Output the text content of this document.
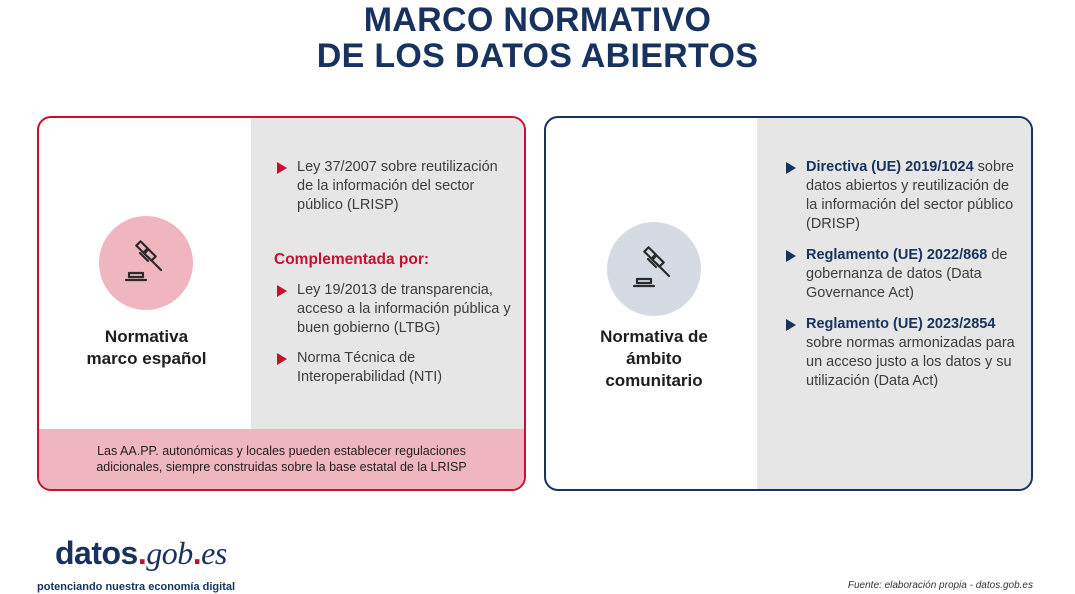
MARCO NORMATIVO
DE LOS DATOS ABIERTOS
Normativa
marco español
Ley 37/2007 sobre reutilización de la información del sector público (LRISP)
Complementada por:
Ley 19/2013 de transparencia, acceso a la información pública y buen gobierno (LTBG)
Norma Técnica de Interoperabilidad (NTI)
Las AA.PP. autonómicas y locales pueden establecer regulaciones
adicionales, siempre construidas sobre la base estatal de la LRISP
Normativa de
ámbito
comunitario
Directiva (UE) 2019/1024 sobre datos abiertos y reutilización de la información del sector público (DRISP)
Reglamento (UE) 2022/868 de gobernanza de datos (Data Governance Act)
Reglamento (UE) 2023/2854 sobre normas armonizadas para un acceso justo a los datos y su utilización (Data Act)
datos.gob.es
potenciando nuestra economía digital	Fuente: elaboración propia - datos.gob.es
